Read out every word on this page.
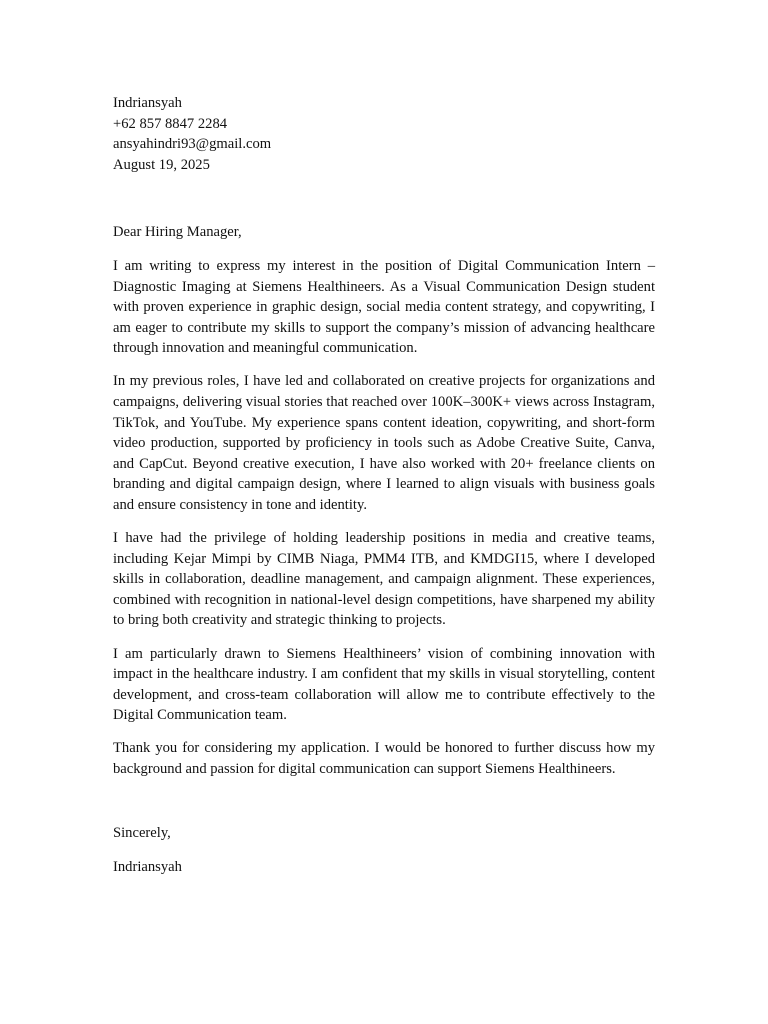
Indriansyah
+62 857 8847 2284
ansyahindri93@gmail.com
August 19, 2025
Dear Hiring Manager,

I am writing to express my interest in the position of Digital Communication Intern – Diagnostic Imaging at Siemens Healthineers. As a Visual Communication Design student with proven experience in graphic design, social media content strategy, and copywriting, I am eager to contribute my skills to support the company’s mission of advancing healthcare through innovation and meaningful communication.

In my previous roles, I have led and collaborated on creative projects for organizations and campaigns, delivering visual stories that reached over 100K–300K+ views across Instagram, TikTok, and YouTube. My experience spans content ideation, copywriting, and short-form video production, supported by proficiency in tools such as Adobe Creative Suite, Canva, and CapCut. Beyond creative execution, I have also worked with 20+ freelance clients on branding and digital campaign design, where I learned to align visuals with business goals and ensure consistency in tone and identity.

I have had the privilege of holding leadership positions in media and creative teams, including Kejar Mimpi by CIMB Niaga, PMM4 ITB, and KMDGI15, where I developed skills in collaboration, deadline management, and campaign alignment. These experiences, combined with recognition in national-level design competitions, have sharpened my ability to bring both creativity and strategic thinking to projects.

I am particularly drawn to Siemens Healthineers’ vision of combining innovation with impact in the healthcare industry. I am confident that my skills in visual storytelling, content development, and cross-team collaboration will allow me to contribute effectively to the Digital Communication team.

Thank you for considering my application. I would be honored to further discuss how my background and passion for digital communication can support Siemens Healthineers.

Sincerely,
Indriansyah
